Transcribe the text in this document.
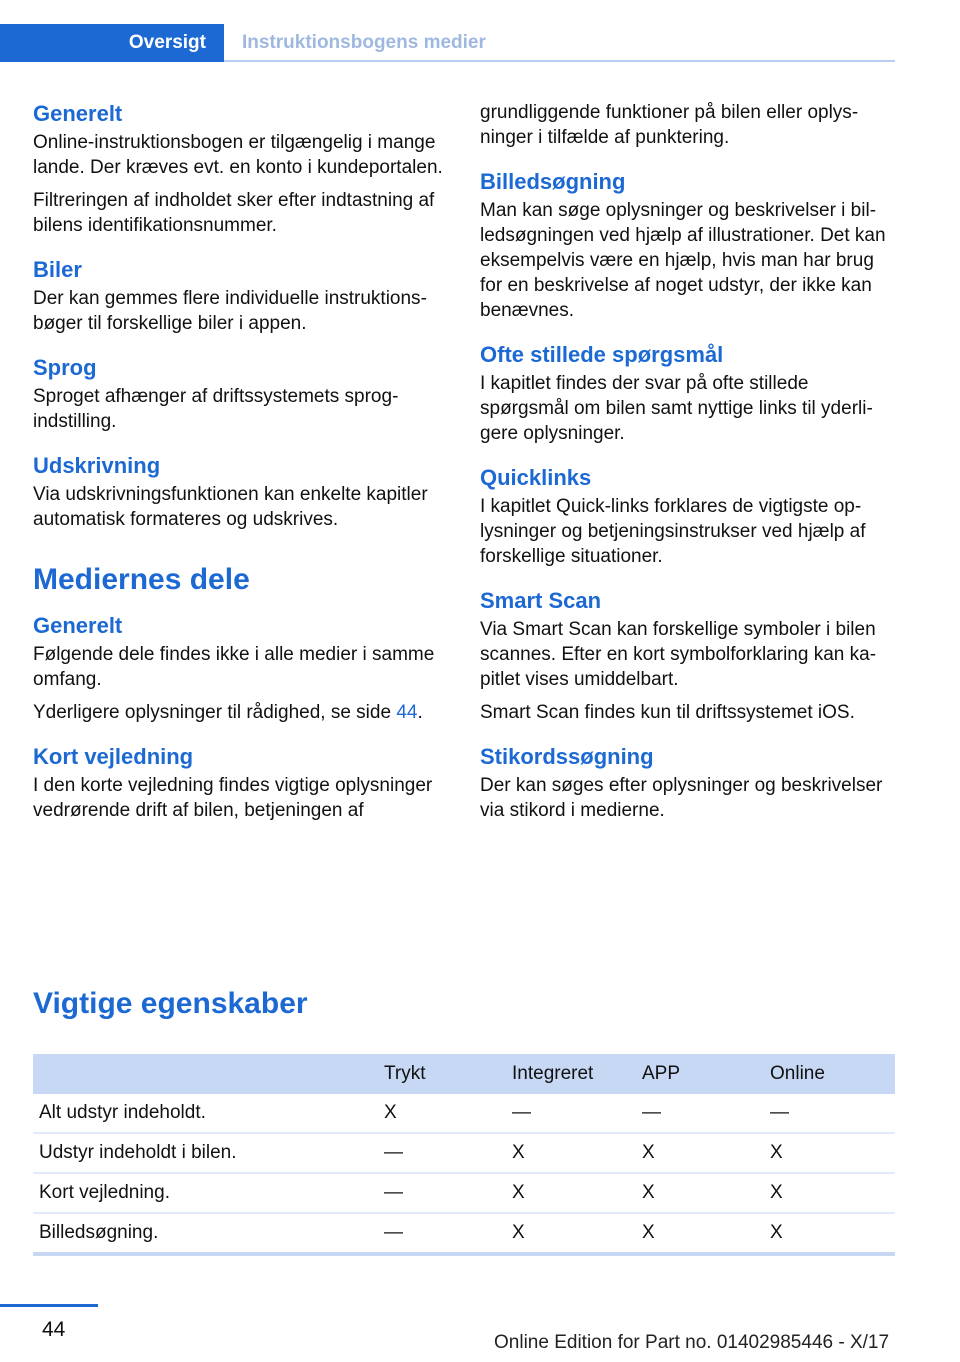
Oversigt	Instruktionsbogens medier
Generelt

Online-instruktionsbogen er tilgængelig i mange lande. Der kræves evt. en konto i kundeportalen.

Filtreringen af indholdet sker efter indtastning af bilens identifikationsnummer.

Biler

Der kan gemmes flere individuelle instruktionsbøger til forskellige biler i appen.

Sprog

Sproget afhænger af driftssystemets sprogindstilling.

Udskrivning

Via udskrivningsfunktionen kan enkelte kapitler automatisk formateres og udskrives.

Mediernes dele
Generelt

Følgende dele findes ikke i alle medier i samme omfang.

Yderligere oplysninger til rådighed, se side 44.

Kort vejledning

I den korte vejledning findes vigtige oplysninger vedrørende drift af bilen, betjeningen af

grundliggende funktioner på bilen eller oplysninger i tilfælde af punktering.

Billedsøgning

Man kan søge oplysninger og beskrivelser i billedsøgningen ved hjælp af illustrationer. Det kan eksempelvis være en hjælp, hvis man har brug for en beskrivelse af noget udstyr, der ikke kan benævnes.

Ofte stillede spørgsmål

I kapitlet findes der svar på ofte stillede spørgsmål om bilen samt nyttige links til yderligere oplysninger.

Quicklinks

I kapitlet Quick-links forklares de vigtigste oplysninger og betjeningsinstrukser ved hjælp af forskellige situationer.

Smart Scan

Via Smart Scan kan forskellige symboler i bilen scannes. Efter en kort symbolforklaring kan kapitlet vises umiddelbart.

Smart Scan findes kun til driftssystemet iOS.

Stikordssøgning

Der kan søges efter oplysninger og beskrivelser via stikord i medierne.

Vigtige egenskaber
	Trykt	Integreret	APP	Online
Alt udstyr indeholdt.	X	—	—	—
Udstyr indeholdt i bilen.	—	X	X	X
Kort vejledning.	—	X	X	X
Billedsøgning.	—	X	X	X
44
Online Edition for Part no. 01402985446 - X/17
